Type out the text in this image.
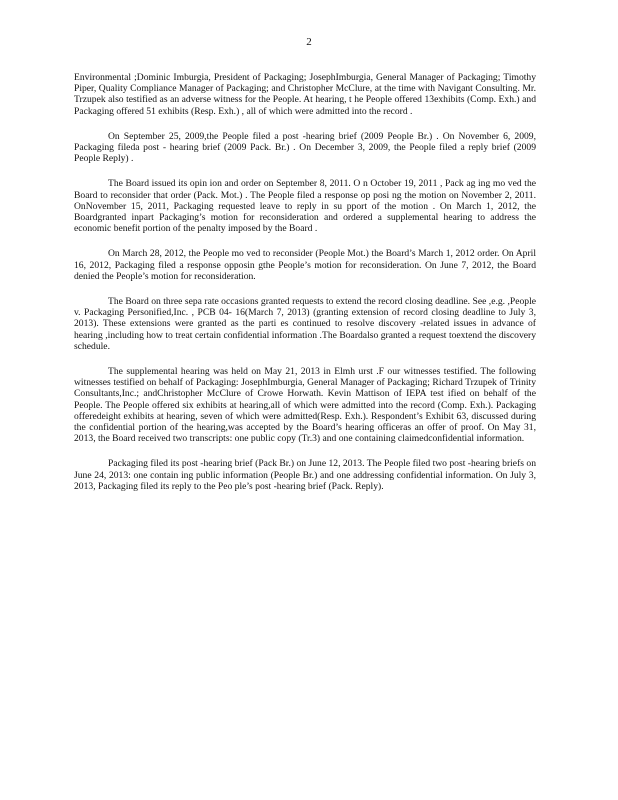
2

Environmental ;Dominic Imburgia, President of Packaging; JosephImburgia, General Manager of Packaging; Timothy Piper, Quality Compliance Manager of Packaging; and Christopher McClure, at the time with Navigant Consulting. Mr. Trzupek also testified as an adverse witness for the People. At hearing, t he People offered 13exhibits (Comp. Exh.) and Packaging offered 51 exhibits (Resp. Exh.) , all of which were admitted into the record .

On September 25, 2009,the People filed a post -hearing brief (2009 People Br.) . On November 6, 2009, Packaging fileda post - hearing brief (2009 Pack. Br.) . On December 3, 2009, the People filed a reply brief (2009 People Reply) .

The Board issued its opin ion and order on September 8, 2011. O n October 19, 2011 , Pack ag ing mo ved the Board to reconsider that order (Pack. Mot.) . The People filed a response op posi ng the motion on November 2, 2011. OnNovember 15, 2011, Packaging requested leave to reply in su pport of the motion . On March 1, 2012, the Boardgranted inpart Packaging’s motion for reconsideration and ordered a supplemental hearing to address the economic benefit portion of the penalty imposed by the Board .

On March 28, 2012, the People mo ved to reconsider (People Mot.) the Board’s March 1, 2012 order. On April 16, 2012, Packaging filed a response opposin gthe People’s motion for reconsideration. On June 7, 2012, the Board denied the People’s motion for reconsideration.

The Board on three sepa rate occasions granted requests to extend the record closing deadline. See ,e.g. ,People v. Packaging Personified,Inc. , PCB 04- 16(March 7, 2013) (granting extension of record closing deadline to July 3, 2013). These extensions were granted as the parti es continued to resolve discovery -related issues in advance of hearing ,including how to treat certain confidential information .The Boardalso granted a request toextend the discovery schedule.

The supplemental hearing was held on May 21, 2013 in Elmh urst .F our witnesses testified. The following witnesses testified on behalf of Packaging: JosephImburgia, General Manager of Packaging; Richard Trzupek of Trinity Consultants,Inc.; andChristopher McClure of Crowe Horwath. Kevin Mattison of IEPA test ified on behalf of the People. The People offered six exhibits at hearing,all of which were admitted into the record (Comp. Exh.). Packaging offeredeight exhibits at hearing, seven of which were admitted(Resp. Exh.). Respondent’s Exhibit 63, discussed during the confidential portion of the hearing,was accepted by the Board’s hearing officeras an offer of proof. On May 31, 2013, the Board received two transcripts: one public copy (Tr.3) and one containing claimedconfidential information.

Packaging filed its post -hearing brief (Pack Br.) on June 12, 2013. The People filed two post -hearing briefs on June 24, 2013: one contain ing public information (People Br.) and one addressing confidential information. On July 3, 2013, Packaging filed its reply to the Peo ple’s post -hearing brief (Pack. Reply).
